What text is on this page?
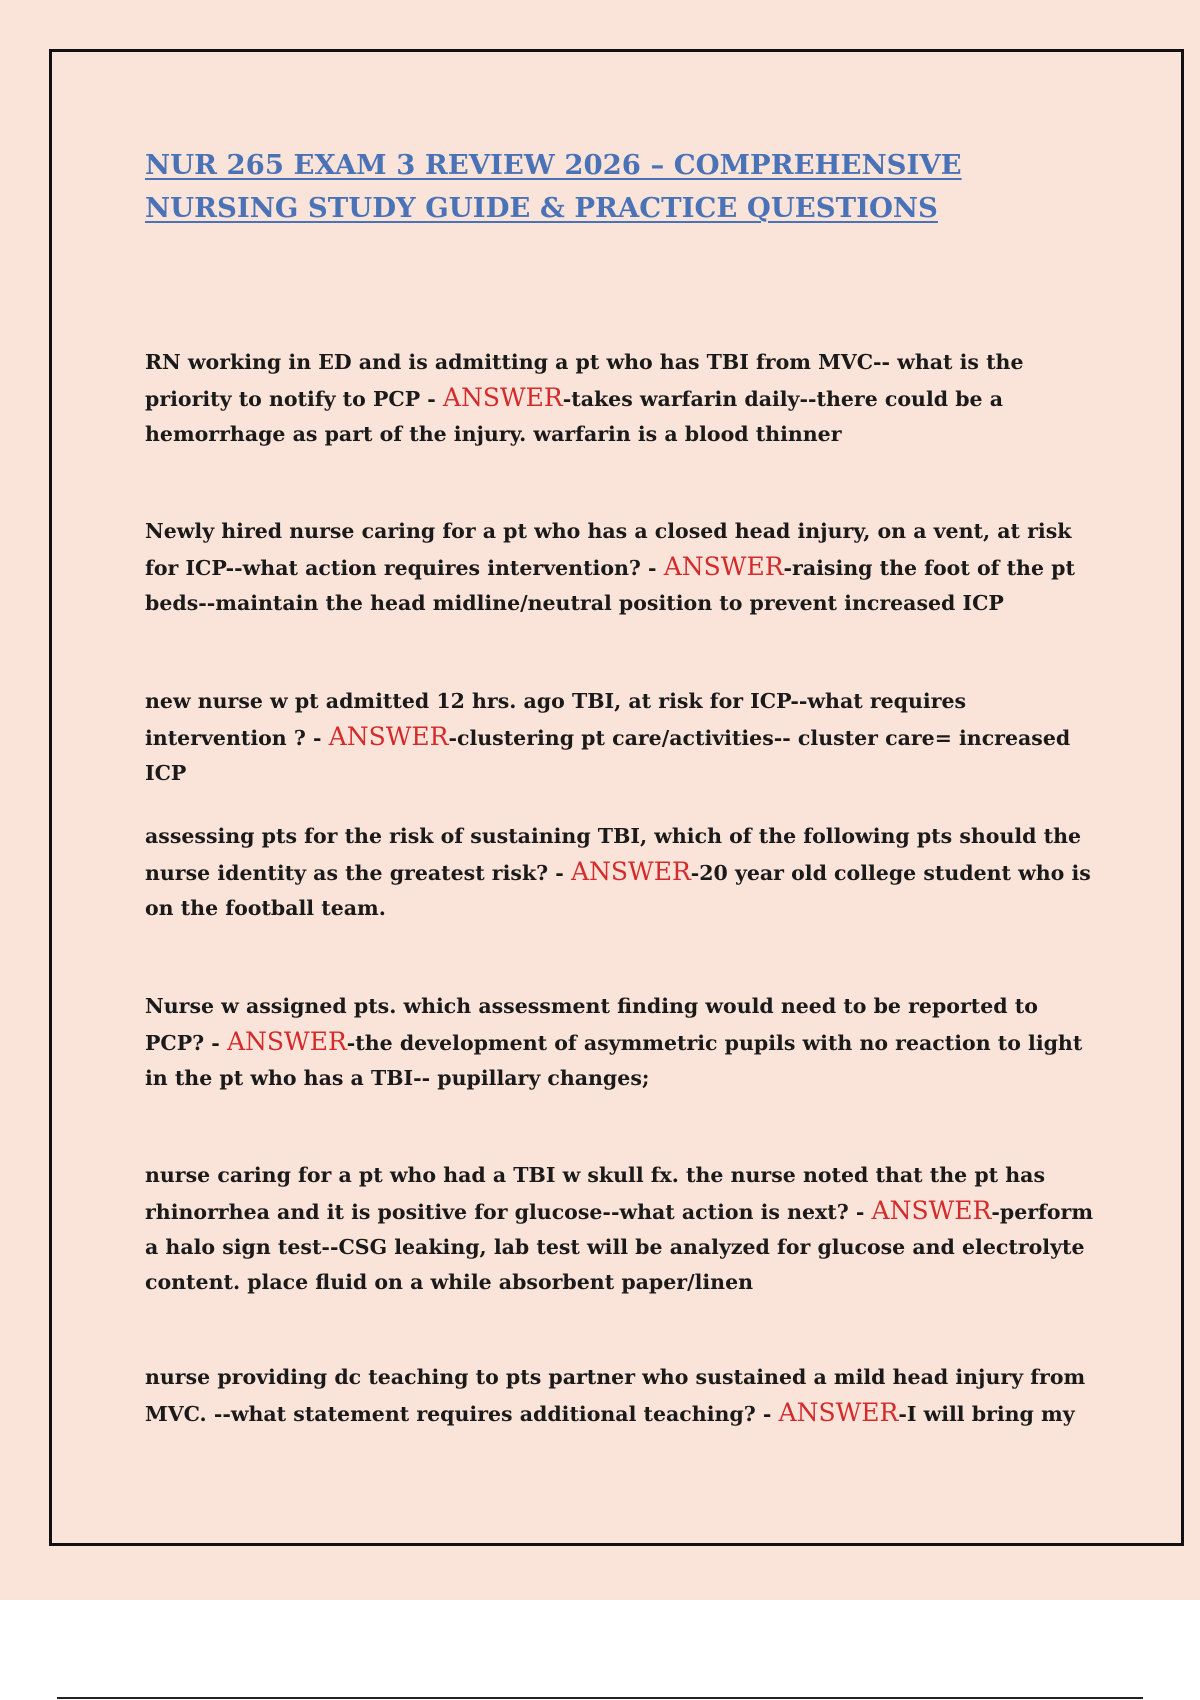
NUR 265 EXAM 3 REVIEW 2026 – COMPREHENSIVE NURSING STUDY GUIDE & PRACTICE QUESTIONS

RN working in ED and is admitting a pt who has TBI from MVC-- what is the priority to notify to PCP - ANSWER-takes warfarin daily--there could be a hemorrhage as part of the injury. warfarin is a blood thinner

Newly hired nurse caring for a pt who has a closed head injury, on a vent, at risk for ICP--what action requires intervention? - ANSWER-raising the foot of the pt beds--maintain the head midline/neutral position to prevent increased ICP

new nurse w pt admitted 12 hrs. ago TBI, at risk for ICP--what requires intervention ? - ANSWER-clustering pt care/activities-- cluster care= increased ICP

assessing pts for the risk of sustaining TBI, which of the following pts should the nurse identity as the greatest risk? - ANSWER-20 year old college student who is on the football team.

Nurse w assigned pts. which assessment finding would need to be reported to PCP? - ANSWER-the development of asymmetric pupils with no reaction to light in the pt who has a TBI-- pupillary changes;

nurse caring for a pt who had a TBI w skull fx. the nurse noted that the pt has rhinorrhea and it is positive for glucose--what action is next? - ANSWER-perform a halo sign test--CSG leaking, lab test will be analyzed for glucose and electrolyte content. place fluid on a while absorbent paper/linen

nurse providing dc teaching to pts partner who sustained a mild head injury from MVC. --what statement requires additional teaching? - ANSWER-I will bring my
